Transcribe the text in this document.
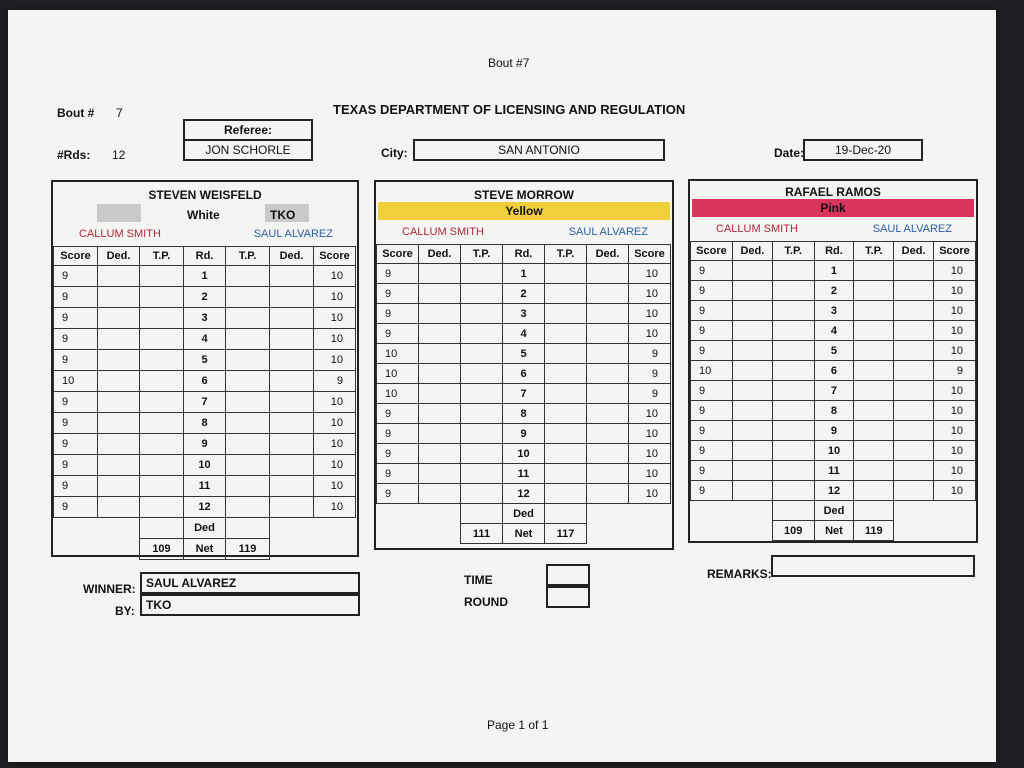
Bout #7
Bout # 7
#Rds: 12
TEXAS DEPARTMENT OF LICENSING AND REGULATION
Referee:
JON SCHORLE	City:	SAN ANTONIO	Date:	19-Dec-20
STEVEN WEISFELD
White	TKO
CALLUM SMITH	SAUL ALVAREZ
Score	Ded.	T.P.	Rd.	T.P.	Ded.	Score
9			1			10
9			2			10
9			3			10
9			4			10
9			5			10
10			6			9
9			7			10
9			8			10
9			9			10
9			10			10
9			11			10
9			12			10
			Ded			
		109	Net	119		
STEVE MORROW
Yellow
CALLUM SMITH	SAUL ALVAREZ
Score	Ded.	T.P.	Rd.	T.P.	Ded.	Score
9			1			10
9			2			10
9			3			10
9			4			10
10			5			9
10			6			9
10			7			9
9			8			10
9			9			10
9			10			10
9			11			10
9			12			10
			Ded			
		111	Net	117		
RAFAEL RAMOS
Pink
CALLUM SMITH	SAUL ALVAREZ
Score	Ded.	T.P.	Rd.	T.P.	Ded.	Score
9			1			10
9			2			10
9			3			10
9			4			10
9			5			10
10			6			9
9			7			10
9			8			10
9			9			10
9			10			10
9			11			10
9			12			10
			Ded			
		109	Net	119		
WINNER: SAUL ALVAREZ
BY: TKO
TIME
ROUND
REMARKS:
Page 1 of 1
